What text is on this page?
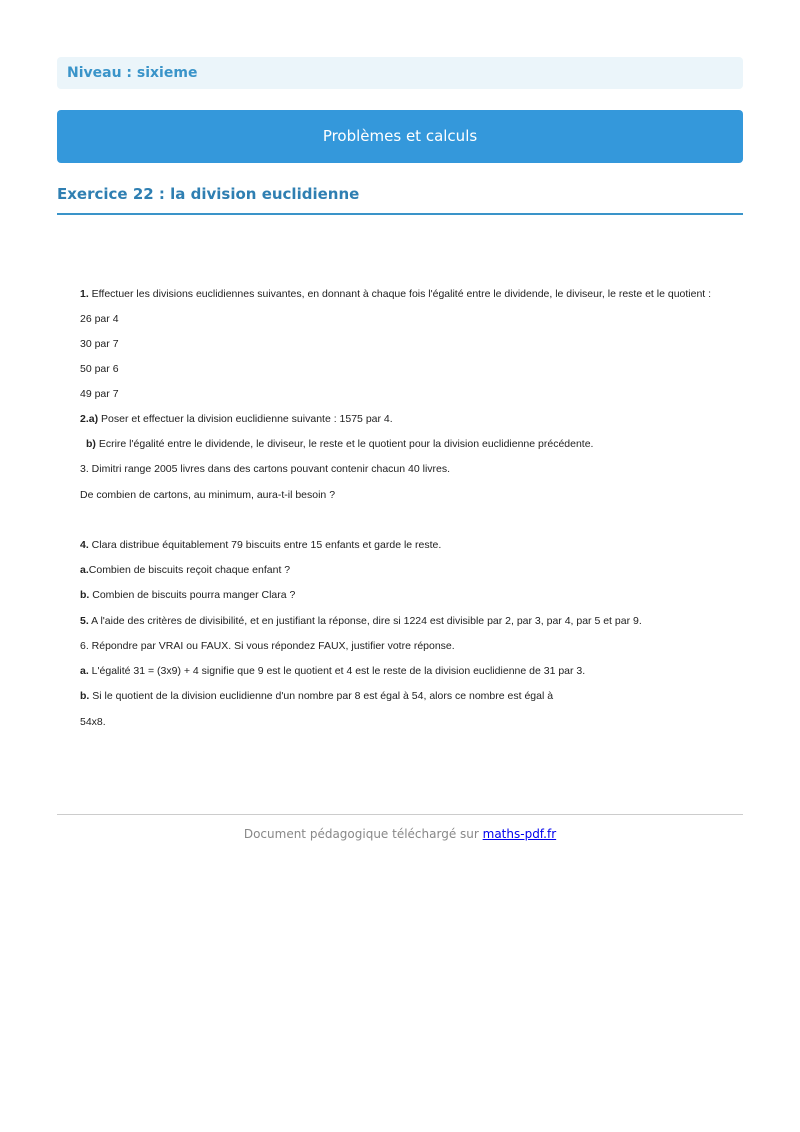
Niveau : sixieme
Problèmes et calculs
Exercice 22 : la division euclidienne
1. Effectuer les divisions euclidiennes suivantes, en donnant à chaque fois l'égalité entre le dividende, le diviseur, le reste et le quotient :
26 par 4
30 par 7
50 par 6
49 par 7
2.a) Poser et effectuer la division euclidienne suivante : 1575 par 4.
b) Ecrire l'égalité entre le dividende, le diviseur, le reste et le quotient pour la division euclidienne précédente.
3. Dimitri range 2005 livres dans des cartons pouvant contenir chacun 40 livres.
De combien de cartons, au minimum, aura-t-il besoin ?
4. Clara distribue équitablement 79 biscuits entre 15 enfants et garde le reste.
a.Combien de biscuits reçoit chaque enfant ?
b. Combien de biscuits pourra manger Clara ?
5. A l'aide des critères de divisibilité, et en justifiant la réponse, dire si 1224 est divisible par 2, par 3, par 4, par 5 et par 9.
6. Répondre par VRAI ou FAUX. Si vous répondez FAUX, justifier votre réponse.
a. L'égalité 31 = (3x9) + 4 signifie que 9 est le quotient et 4 est le reste de la division euclidienne de 31 par 3.
b. Si le quotient de la division euclidienne d'un nombre par 8 est égal à 54, alors ce nombre est égal à
54x8.
Document pédagogique téléchargé sur maths-pdf.fr
